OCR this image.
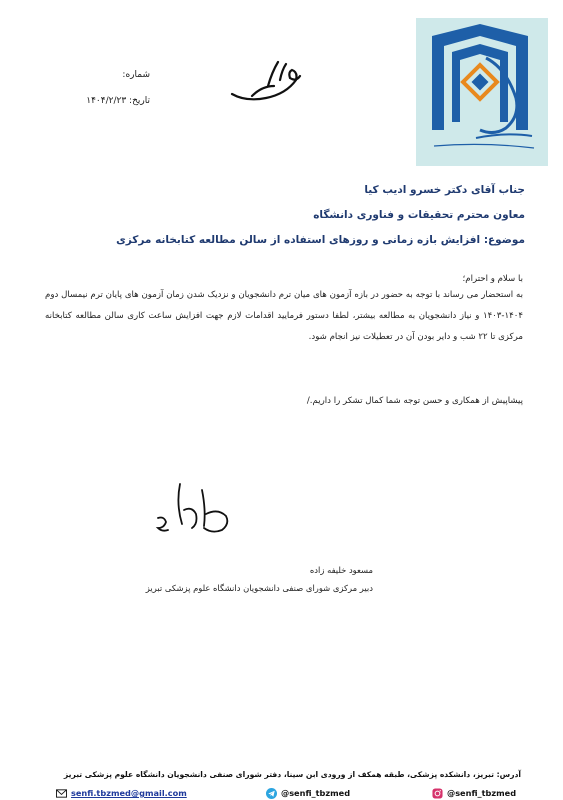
شماره:
تاریخ: ۱۴۰۴/۲/۲۳
جناب آقای دکتر خسرو ادیب کیا
معاون محترم تحقیقات و فناوری دانشگاه
موضوع: افزایش بازه زمانی و روزهای استفاده از سالن مطالعه کتابخانه مرکزی
با سلام و احترام؛
به استحضار می رساند با توجه به حضور در بازه آزمون های میان ترم دانشجویان و نزدیک شدن زمان آزمون های پایان ترم نیمسال دوم ۱۴۰۴-۱۴۰۳ و نیاز دانشجویان به مطالعه بیشتر، لطفا دستور فرمایید اقدامات لازم جهت افزایش ساعت کاری سالن مطالعه کتابخانه مرکزی تا ۲۲ شب و دایر بودن آن در تعطیلات نیز انجام شود.
پیشاپیش از همکاری و حسن توجه شما کمال تشکر را داریم./
مسعود خلیفه زاده
دبیر مرکزی شورای صنفی دانشجویان دانشگاه علوم پزشکی تبریز
آدرس: تبریز، دانشکده پزشکی، طبقه همکف از ورودی ابن سینا، دفتر شورای صنفی دانشجویان دانشگاه علوم پزشکی تبریز
senfi.tbzmed@gmail.com	@senfi_tbzmed	@senfi_tbzmed
